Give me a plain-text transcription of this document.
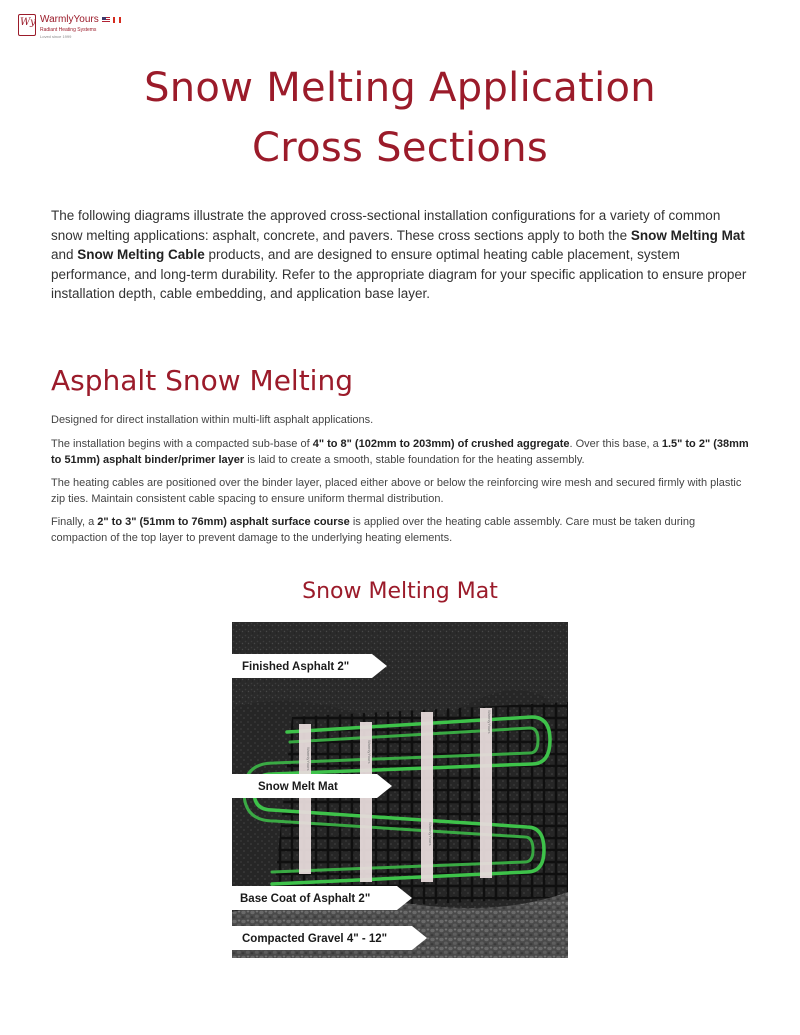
Wy WarmlyYours
Radiant Heating Systems
Loved since 1999
Snow Melting Application
Cross Sections

The following diagrams illustrate the approved cross-sectional installation configurations for a variety of common snow melting applications: asphalt, concrete, and pavers. These cross sections apply to both the Snow Melting Mat and Snow Melting Cable products, and are designed to ensure optimal heating cable placement, system performance, and long-term durability. Refer to the appropriate diagram for your specific application to ensure proper installation depth, cable embedding, and application base layer.

Asphalt Snow Melting

Designed for direct installation within multi-lift asphalt applications.

The installation begins with a compacted sub-base of 4" to 8" (102mm to 203mm) of crushed aggregate. Over this base, a 1.5" to 2" (38mm to 51mm) asphalt binder/primer layer is laid to create a smooth, stable foundation for the heating assembly.

The heating cables are positioned over the binder layer, placed either above or below the reinforcing wire mesh and secured firmly with plastic zip ties. Maintain consistent cable spacing to ensure uniform thermal distribution.

Finally, a 2" to 3" (51mm to 76mm) asphalt surface course is applied over the heating cable assembly. Care must be taken during compaction of the top layer to prevent damage to the underlying heating elements.

Snow Melting Mat
WarmlyYours	WarmlyYours
WarmlyYours
WarmlyYours
Finished Asphalt 2"
Snow Melt Mat
Base Coat of Asphalt 2"
Compacted Gravel 4" - 12"
